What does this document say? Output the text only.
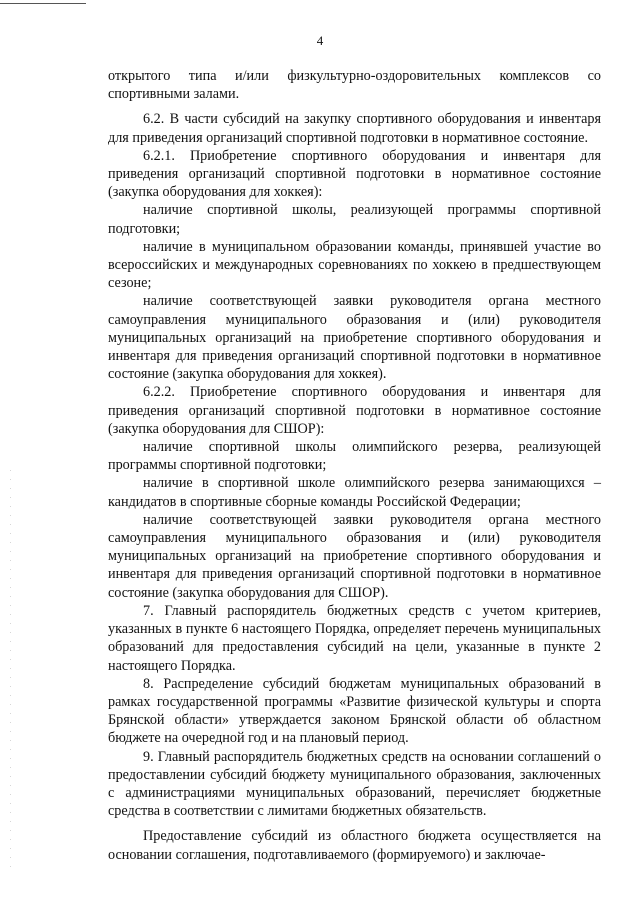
4

открытого типа и/или физкультурно-оздоровительных комплексов со спортивными залами.

6.2. В части субсидий на закупку спортивного оборудования и инвентаря для приведения организаций спортивной подготовки в нормативное состояние.

6.2.1. Приобретение спортивного оборудования и инвентаря для приведения организаций спортивной подготовки в нормативное состояние (закупка оборудования для хоккея):

наличие спортивной школы, реализующей программы спортивной подготовки;

наличие в муниципальном образовании команды, принявшей участие во всероссийских и международных соревнованиях по хоккею в предшествующем сезоне;

наличие соответствующей заявки руководителя органа местного самоуправления муниципального образования и (или) руководителя муниципальных организаций на приобретение спортивного оборудования и инвентаря для приведения организаций спортивной подготовки в нормативное состояние (закупка оборудования для хоккея).

6.2.2. Приобретение спортивного оборудования и инвентаря для приведения организаций спортивной подготовки в нормативное состояние (закупка оборудования для СШОР):

наличие спортивной школы олимпийского резерва, реализующей программы спортивной подготовки;

наличие в спортивной школе олимпийского резерва занимающихся – кандидатов в спортивные сборные команды Российской Федерации;

наличие соответствующей заявки руководителя органа местного самоуправления муниципального образования и (или) руководителя муниципальных организаций на приобретение спортивного оборудования и инвентаря для приведения организаций спортивной подготовки в нормативное состояние (закупка оборудования для СШОР).

7. Главный распорядитель бюджетных средств с учетом критериев, указанных в пункте 6 настоящего Порядка, определяет перечень муниципальных образований для предоставления субсидий на цели, указанные в пункте 2 настоящего Порядка.

8. Распределение субсидий бюджетам муниципальных образований в рамках государственной программы «Развитие физической культуры и спорта Брянской области» утверждается законом Брянской области об областном бюджете на очередной год и на плановый период.

9. Главный распорядитель бюджетных средств на основании соглашений о предоставлении субсидий бюджету муниципального образования, заключенных с администрациями муниципальных образований, перечисляет бюджетные средства в соответствии с лимитами бюджетных обязательств.

Предоставление субсидий из областного бюджета осуществляется на основании соглашения, подготавливаемого (формируемого) и заключае-
